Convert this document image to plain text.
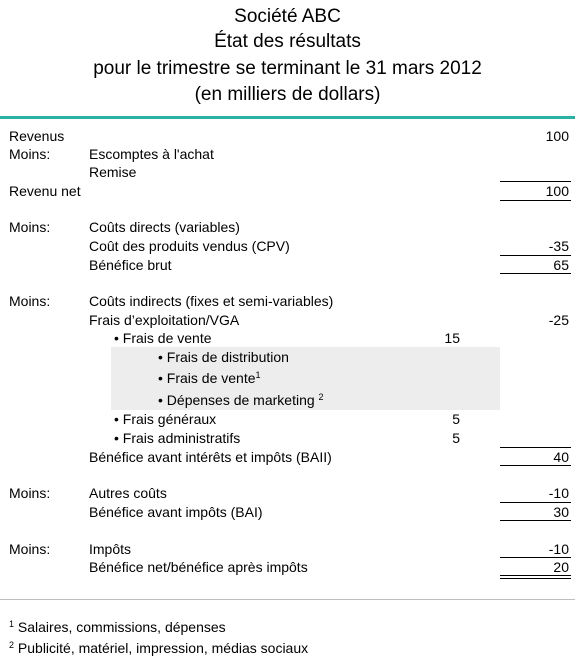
Société ABC
État des résultats
pour le trimestre se terminant le 31 mars 2012
(en milliers de dollars)
Revenus	100
Moins:	Escomptes à l'achat
Remise
Revenu net	100
Moins:	Coûts directs (variables)
Coût des produits vendus (CPV)	-35
Bénéfice brut	65
Moins:	Coûts indirects (fixes et semi-variables)
Frais d’exploitation/VGA	-25
• Frais de vente	15
• Frais de distribution
• Frais de vente$^1$
• Dépenses de marketing $^2$
• Frais généraux	5
• Frais administratifs	5
Bénéfice avant intérêts et impôts (BAII)	40
Moins:	Autres coûts	-10
Bénéfice avant impôts (BAI)	30
Moins:	Impôts	-10
Bénéfice net/bénéfice après impôts	20
$^1$ Salaires, commissions, dépenses
$^2$ Publicité, matériel, impression, médias sociaux
